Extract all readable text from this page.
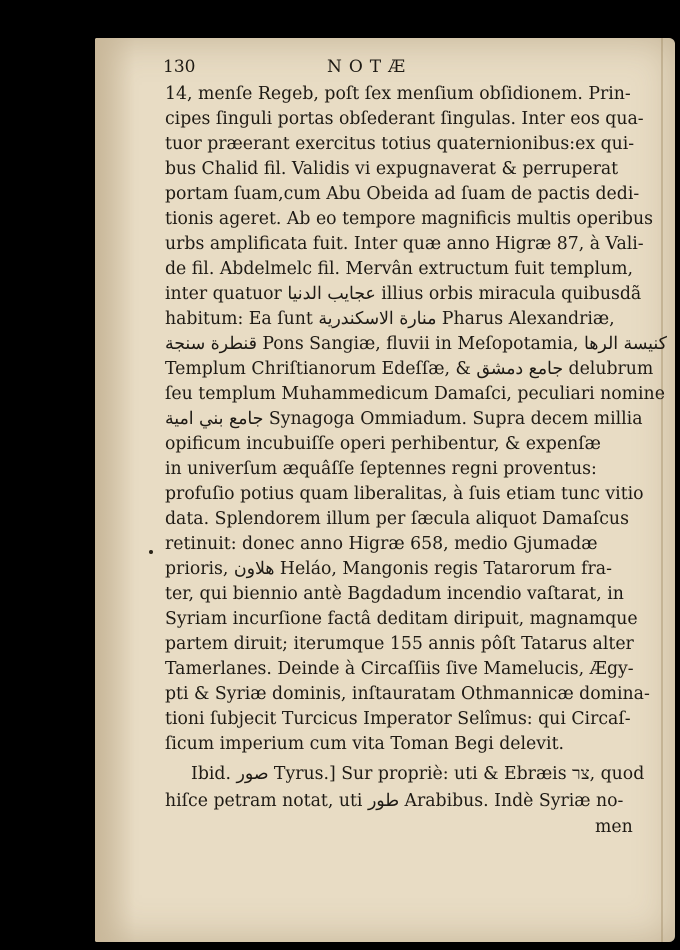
130	NOTÆ
14, menſe Regeb, poſt ſex menſium obſidionem. Prin-
cipes ſinguli portas obſederant ſingulas. Inter eos qua-
tuor præerant exercitus totius quaternionibus:ex qui-
bus Chalid fil. Validis vi expugnaverat & perruperat
portam ſuam,cum Abu Obeida ad ſuam de pactis dedi-
tionis ageret. Ab eo tempore magnificis multis operibus
urbs amplificata fuit. Inter quæ anno Higræ 87, à Vali-
de fil. Abdelmelc fil. Mervân extructum fuit templum,
inter quatuor عجايب الدنيا illius orbis miracula quibusdã
habitum: Ea ſunt منارة الاسكندرية Pharus Alexandriæ,
قنطرة سنجة Pons Sangiæ, fluvii in Meſopotamia, كنيسة الرها
Templum Chriſtianorum Edeſſæ, & جامع دمشق delubrum
ſeu templum Muhammedicum Damaſci, peculiari nomine
جامع بني امية Synagoga Ommiadum. Supra decem millia
opificum incubuiſſe operi perhibentur, & expenſæ
in univerſum æquâſſe ſeptennes regni proventus:
profuſio potius quam liberalitas, à ſuis etiam tunc vitio
data. Splendorem illum per ſæcula aliquot Damaſcus
retinuit: donec anno Higræ 658, medio Gjumadæ
prioris, هلاون Heláo, Mangonis regis Tatarorum fra-
ter, qui biennio antè Bagdadum incendio vaſtarat, in
Syriam incurſione factâ deditam diripuit, magnamque
partem diruit; iterumque 155 annis pôſt Tatarus alter
Tamerlanes. Deinde à Circaſſiis ſive Mamelucis, Ægy-
pti & Syriæ dominis, inſtauratam Othmannicæ domina-
tioni ſubjecit Turcicus Imperator Selîmus: qui Circaſ-
ſicum imperium cum vita Toman Begi delevit.
Ibid. صور Tyrus.] Sur propriè: uti & Ebræis צר, quod
hiſce petram notat, uti طور Arabibus. Indè Syriæ no-
men
